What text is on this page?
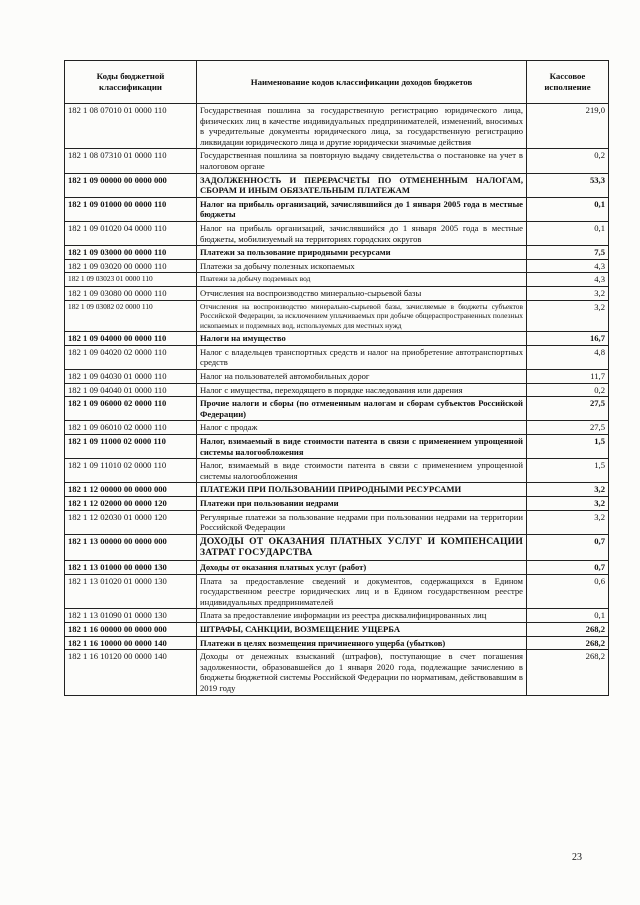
Коды бюджетной классификации	Наименование кодов классификации доходов бюджетов	Кассовое исполнение
182 1 08 07010 01 0000 110	Государственная пошлина за государственную регистрацию юридического лица, физических лиц в качестве индивидуальных предпринимателей, изменений, вносимых в учредительные документы юридического лица, за государственную регистрацию ликвидации юридического лица и другие юридически значимые действия	219,0
182 1 08 07310 01 0000 110	Государственная пошлина за повторную выдачу свидетельства о постановке на учет в налоговом органе	0,2
182 1 09 00000 00 0000 000	ЗАДОЛЖЕННОСТЬ И ПЕРЕРАСЧЕТЫ ПО ОТМЕНЕННЫМ НАЛОГАМ, СБОРАМ И ИНЫМ ОБЯЗАТЕЛЬНЫМ ПЛАТЕЖАМ	53,3
182 1 09 01000 00 0000 110	Налог на прибыль организаций, зачислявшийся до 1 января 2005 года в местные бюджеты	0,1
182 1 09 01020 04 0000 110	Налог на прибыль организаций, зачислявшийся до 1 января 2005 года в местные бюджеты, мобилизуемый на территориях городских округов	0,1
182 1 09 03000 00 0000 110	Платежи за пользование природными ресурсами	7,5
182 1 09 03020 00 0000 110	Платежи за добычу полезных ископаемых	4,3
182 1 09 03023 01 0000 110	Платежи за добычу подземных вод	4,3
182 1 09 03080 00 0000 110	Отчисления на воспроизводство минерально-сырьевой базы	3,2
182 1 09 03082 02 0000 110	Отчисления на воспроизводство минерально-сырьевой базы, зачисляемые в бюджеты субъектов Российской Федерации, за исключением уплачиваемых при добыче общераспространенных полезных ископаемых и подземных вод, используемых для местных нужд	3,2
182 1 09 04000 00 0000 110	Налоги на имущество	16,7
182 1 09 04020 02 0000 110	Налог с владельцев транспортных средств и налог на приобретение автотранспортных средств	4,8
182 1 09 04030 01 0000 110	Налог на пользователей автомобильных дорог	11,7
182 1 09 04040 01 0000 110	Налог с имущества, переходящего в порядке наследования или дарения	0,2
182 1 09 06000 02 0000 110	Прочие налоги и сборы (по отмененным налогам и сборам субъектов Российской Федерации)	27,5
182 1 09 06010 02 0000 110	Налог с продаж	27,5
182 1 09 11000 02 0000 110	Налог, взимаемый в виде стоимости патента в связи с применением упрощенной системы налогообложения	1,5
182 1 09 11010 02 0000 110	Налог, взимаемый в виде стоимости патента в связи с применением упрощенной системы налогообложения	1,5
182 1 12 00000 00 0000 000	ПЛАТЕЖИ ПРИ ПОЛЬЗОВАНИИ ПРИРОДНЫМИ РЕСУРСАМИ	3,2
182 1 12 02000 00 0000 120	Платежи при пользовании недрами	3,2
182 1 12 02030 01 0000 120	Регулярные платежи за пользование недрами при пользовании недрами на территории Российской Федерации	3,2
182 1 13 00000 00 0000 000	ДОХОДЫ ОТ ОКАЗАНИЯ ПЛАТНЫХ УСЛУГ И КОМПЕНСАЦИИ ЗАТРАТ ГОСУДАРСТВА	0,7
182 1 13 01000 00 0000 130	Доходы от оказания платных услуг (работ)	0,7
182 1 13 01020 01 0000 130	Плата за предоставление сведений и документов, содержащихся в Едином государственном реестре юридических лиц и в Едином государственном реестре индивидуальных предпринимателей	0,6
182 1 13 01090 01 0000 130	Плата за предоставление информации из реестра дисквалифицированных лиц	0,1
182 1 16 00000 00 0000 000	ШТРАФЫ, САНКЦИИ, ВОЗМЕЩЕНИЕ УЩЕРБА	268,2
182 1 16 10000 00 0000 140	Платежи в целях возмещения причиненного ущерба (убытков)	268,2
182 1 16 10120 00 0000 140	Доходы от денежных взысканий (штрафов), поступающие в счет погашения задолженности, образовавшейся до 1 января 2020 года, подлежащие зачислению в бюджеты бюджетной системы Российской Федерации по нормативам, действовавшим в 2019 году	268,2
23
